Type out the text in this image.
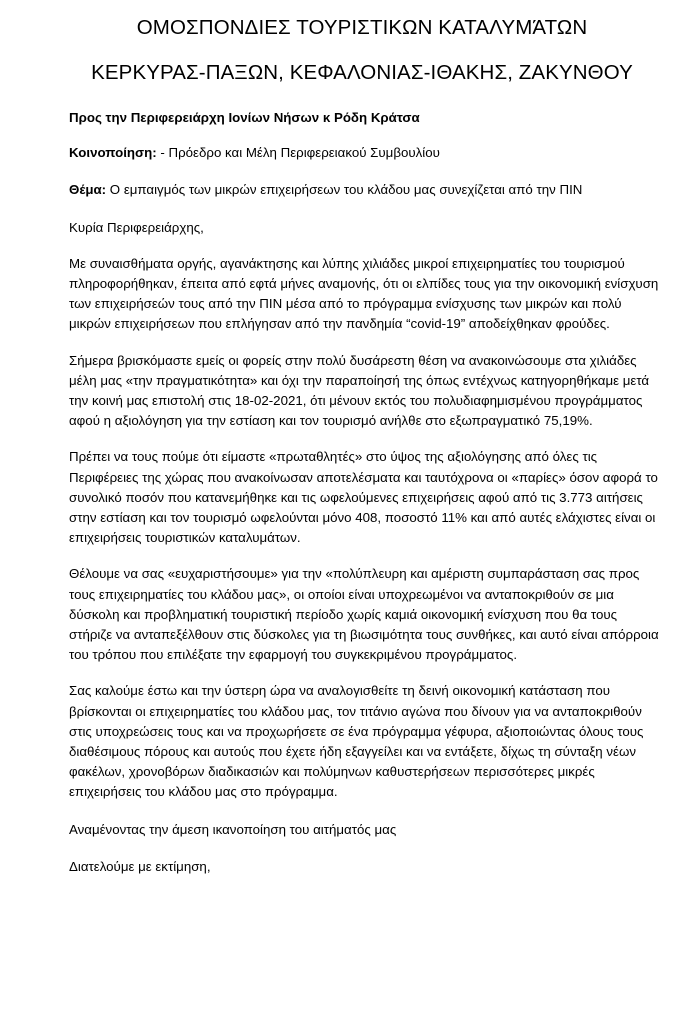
ΟΜΟΣΠΟΝΔΙΕΣ ΤΟΥΡΙΣΤΙΚΩΝ ΚΑΤΑΛΥΜΆΤΩΝ

ΚΕΡΚΥΡΑΣ-ΠΑΞΩΝ, ΚΕΦΑΛΟΝΙΑΣ-ΙΘΑΚΗΣ, ΖΑΚΥΝΘΟΥ

Προς την Περιφερειάρχη Ιονίων Νήσων κ Ρόδη Κράτσα

Κοινοποίηση: - Πρόεδρο και Μέλη Περιφερειακού Συμβουλίου

Θέμα: Ο εμπαιγμός των μικρών επιχειρήσεων του κλάδου μας συνεχίζεται από την ΠΙΝ

Κυρία Περιφερειάρχης,

Με συναισθήματα οργής, αγανάκτησης και λύπης χιλιάδες μικροί επιχειρηματίες του τουρισμού πληροφορήθηκαν, έπειτα από εφτά μήνες αναμονής, ότι οι ελπίδες τους για την οικονομική ενίσχυση των επιχειρήσεών τους από την ΠΙΝ μέσα από το πρόγραμμα ενίσχυσης των μικρών και πολύ μικρών επιχειρήσεων που επλήγησαν από την πανδημία “covid-19” αποδείχθηκαν φρούδες.

Σήμερα βρισκόμαστε εμείς οι φορείς στην πολύ δυσάρεστη θέση να ανακοινώσουμε στα χιλιάδες μέλη μας «την πραγματικότητα» και όχι την παραποίησή της όπως εντέχνως κατηγορηθήκαμε μετά την κοινή μας επιστολή στις 18-02-2021, ότι μένουν εκτός του πολυδιαφημισμένου προγράμματος αφού η αξιολόγηση για την εστίαση και τον τουρισμό ανήλθε στο εξωπραγματικό 75,19%.

Πρέπει να τους πούμε ότι είμαστε «πρωταθλητές» στο ύψος της αξιολόγησης από όλες τις Περιφέρειες της χώρας που ανακοίνωσαν αποτελέσματα και ταυτόχρονα οι «παρίες» όσον αφορά το συνολικό ποσόν που κατανεμήθηκε και τις ωφελούμενες επιχειρήσεις αφού από τις 3.773 αιτήσεις στην εστίαση και τον τουρισμό ωφελούνται μόνο 408, ποσοστό 11% και από αυτές ελάχιστες είναι οι επιχειρήσεις τουριστικών καταλυμάτων.

Θέλουμε να σας «ευχαριστήσουμε» για την «πολύπλευρη και αμέριστη συμπαράσταση σας προς τους επιχειρηματίες του κλάδου μας», οι οποίοι είναι υποχρεωμένοι να ανταποκριθούν σε μια δύσκολη και προβληματική τουριστική περίοδο χωρίς καμιά οικονομική ενίσχυση που θα τους στήριζε να ανταπεξέλθουν στις δύσκολες για τη βιωσιμότητα τους συνθήκες, και αυτό είναι απόρροια του τρόπου που επιλέξατε την εφαρμογή του συγκεκριμένου προγράμματος.

Σας καλούμε έστω και την ύστερη ώρα να αναλογισθείτε τη δεινή οικονομική κατάσταση που βρίσκονται οι επιχειρηματίες του κλάδου μας, τον τιτάνιο αγώνα που δίνουν για να ανταποκριθούν στις υποχρεώσεις τους και να προχωρήσετε σε ένα πρόγραμμα γέφυρα, αξιοποιώντας όλους τους διαθέσιμους πόρους και αυτούς που έχετε ήδη εξαγγείλει και να εντάξετε, δίχως τη σύνταξη νέων φακέλων, χρονοβόρων διαδικασιών και πολύμηνων καθυστερήσεων περισσότερες μικρές επιχειρήσεις του κλάδου μας στο πρόγραμμα.

Αναμένοντας την άμεση ικανοποίηση του αιτήματός μας

Διατελούμε με εκτίμηση,
